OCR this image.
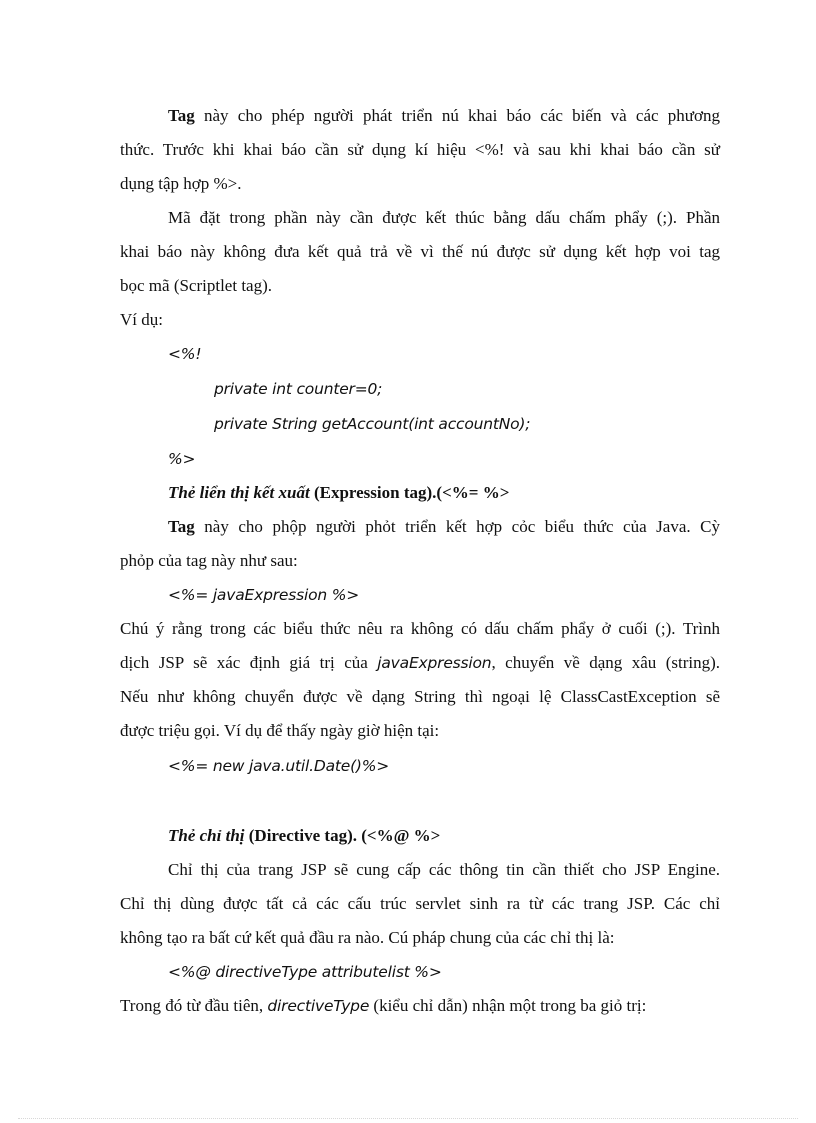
Tag này cho phép người phát triển nú khai báo các biến và các phương

thức. Trước khi khai báo cần sử dụng kí hiệu <%! và sau khi khai báo cần sử

dụng tập hợp %>.

Mã đặt trong phần này cần được kết thúc bằng dấu chấm phẩy (;). Phần

khai báo này không đưa kết quả trả về vì thế nú được sử dụng kết hợp voi tag

bọc mã (Scriptlet tag).

Ví dụ:

<%!

private int counter=0;

private String getAccount(int accountNo);

%>

Thẻ liển thị kết xuất (Expression tag).(<%= %>

Tag này cho phộp người phỏt triển kết hợp cỏc biểu thức của Java. Cỳ

phỏp của tag này như sau:

<%= javaExpression %>

Chú ý rằng trong các biểu thức nêu ra không có dấu chấm phẩy ở cuối (;). Trình

dịch JSP sẽ xác định giá trị của javaExpression, chuyển về dạng xâu (string).

Nếu như không chuyển được về dạng String thì ngoại lệ ClassCastException sẽ

được triệu gọi. Ví dụ để thấy ngày giờ hiện tại:

<%= new java.util.Date()%>

Thẻ chỉ thị (Directive tag). (<%@ %>

Chỉ thị của trang JSP sẽ cung cấp các thông tin cần thiết cho JSP Engine.

Chỉ thị dùng được tất cả các cấu trúc servlet sinh ra từ các trang JSP. Các chỉ

không tạo ra bất cứ kết quả đầu ra nào. Cú pháp chung của các chỉ thị là:

<%@ directiveType attributelist %>

Trong đó từ đầu tiên, directiveType (kiểu chỉ dẫn) nhận một trong ba giỏ trị:
